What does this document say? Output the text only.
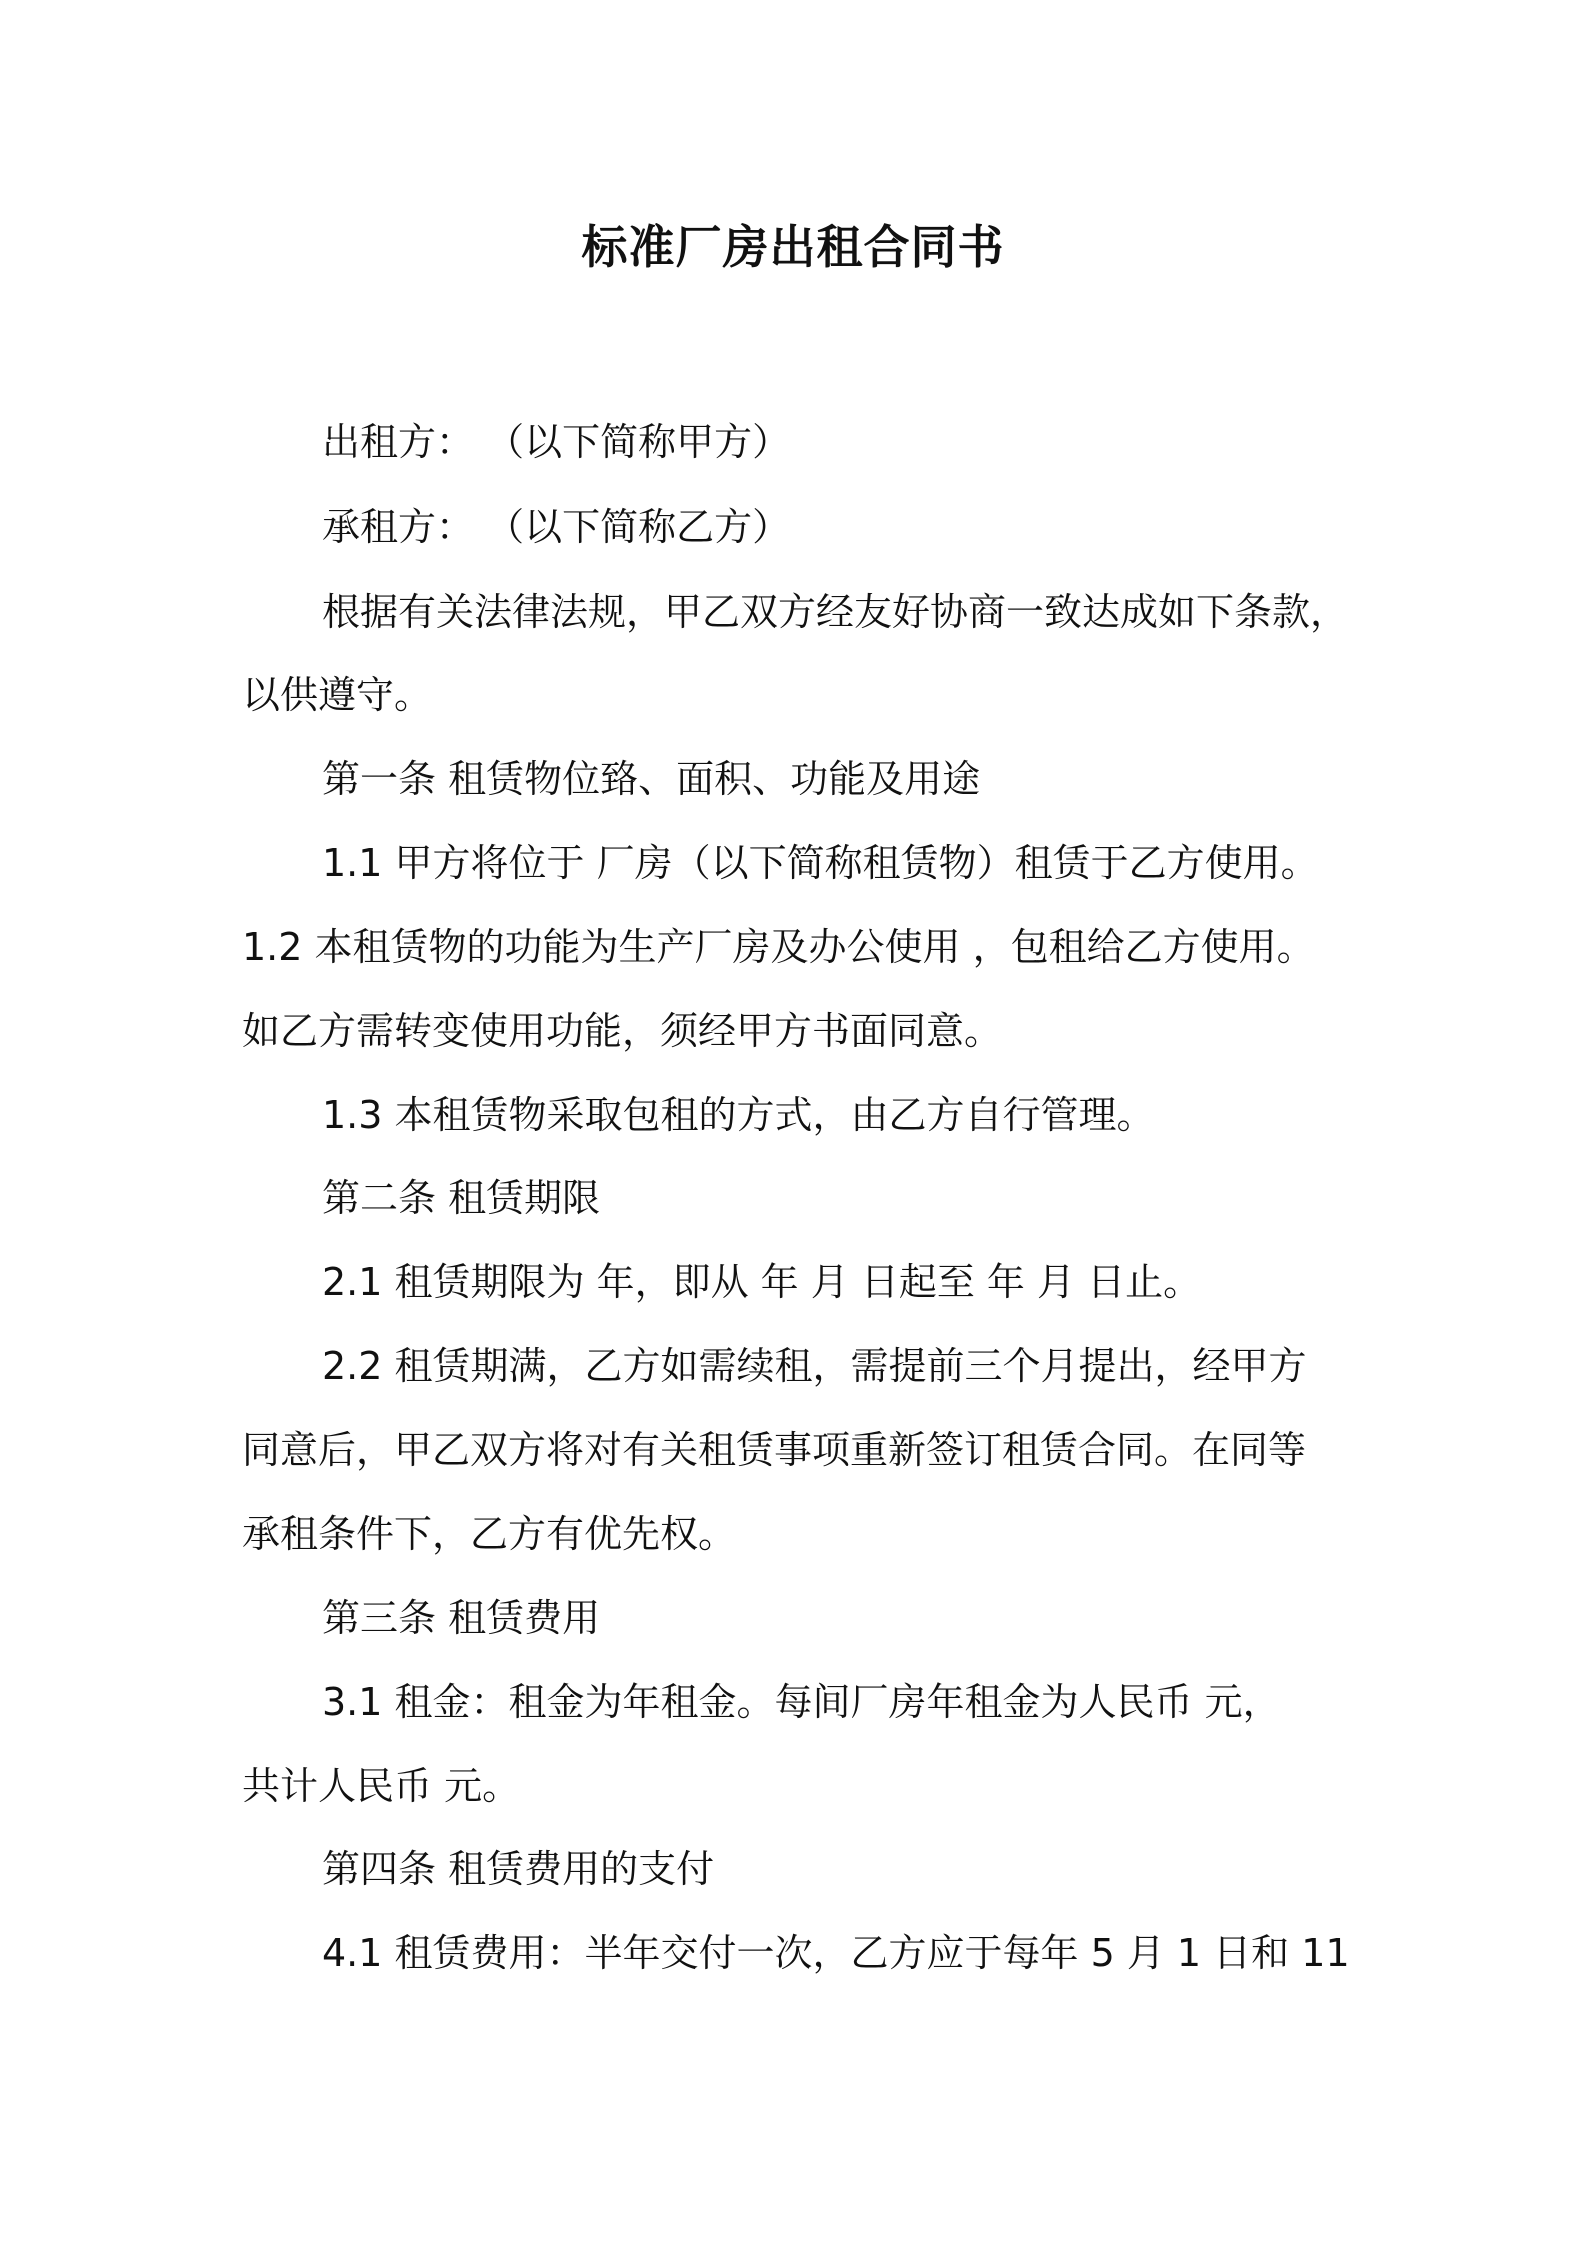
标准厂房出租合同书

出租方： （以下简称甲方）

承租方： （以下简称乙方）

根据有关法律法规，甲乙双方经友好协商一致达成如下条款，

以供遵守。

第一条 租赁物位臵、面积、功能及用途

1.1 甲方将位于 厂房（以下简称租赁物）租赁于乙方使用。

1.2 本租赁物的功能为生产厂房及办公使用 ，包租给乙方使用。

如乙方需转变使用功能，须经甲方书面同意。

1.3 本租赁物采取包租的方式，由乙方自行管理。

第二条 租赁期限

2.1 租赁期限为 年，即从 年 月 日起至 年 月 日止。

2.2 租赁期满，乙方如需续租，需提前三个月提出，经甲方

同意后，甲乙双方将对有关租赁事项重新签订租赁合同。在同等

承租条件下，乙方有优先权。

第三条 租赁费用

3.1 租金：租金为年租金。每间厂房年租金为人民币 元，

共计人民币 元。

第四条 租赁费用的支付

4.1 租赁费用：半年交付一次，乙方应于每年 5 月 1 日和 11
